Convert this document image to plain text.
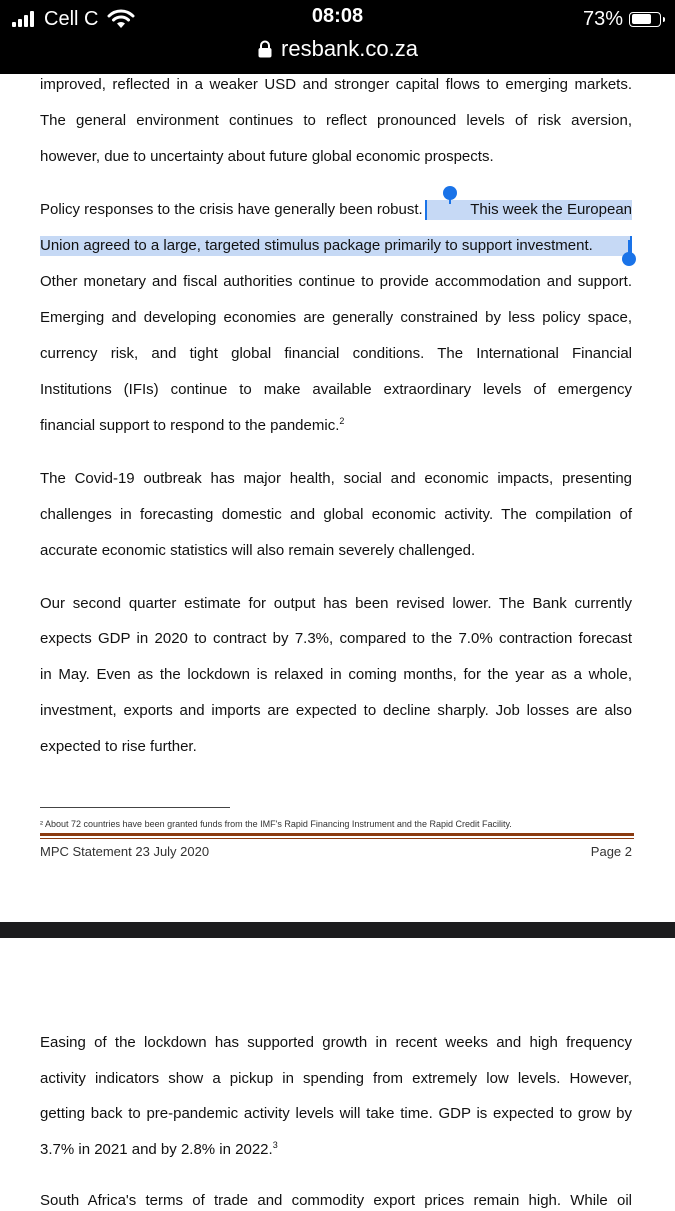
Cell C	08:08	73%
resbank.co.za
improved, reflected in a weaker USD and stronger capital flows to emerging markets.
The general environment continues to reflect pronounced levels of risk aversion,
however, due to uncertainty about future global economic prospects.
Policy responses to the crisis have generally been robust.	This week the European
Union agreed to a large, targeted stimulus package primarily to support investment.
Other monetary and fiscal authorities continue to provide accommodation and support.
Emerging and developing economies are generally constrained by less policy space,
currency risk, and tight global financial conditions. The International Financial
Institutions (IFIs) continue to make available extraordinary levels of emergency
financial support to respond to the pandemic.$^2$
The Covid-19 outbreak has major health, social and economic impacts, presenting
challenges in forecasting domestic and global economic activity. The compilation of
accurate economic statistics will also remain severely challenged.
Our second quarter estimate for output has been revised lower. The Bank currently
expects GDP in 2020 to contract by 7.3%, compared to the 7.0% contraction forecast
in May. Even as the lockdown is relaxed in coming months, for the year as a whole,
investment, exports and imports are expected to decline sharply. Job losses are also
expected to rise further.
² About 72 countries have been granted funds from the IMF's Rapid Financing Instrument and the Rapid Credit Facility.
MPC Statement 23 July 2020	Page 2
Easing of the lockdown has supported growth in recent weeks and high frequency
activity indicators show a pickup in spending from extremely low levels. However,
getting back to pre-pandemic activity levels will take time. GDP is expected to grow by
3.7% in 2021 and by 2.8% in 2022.$^3$
South Africa's terms of trade and commodity export prices remain high. While oil
